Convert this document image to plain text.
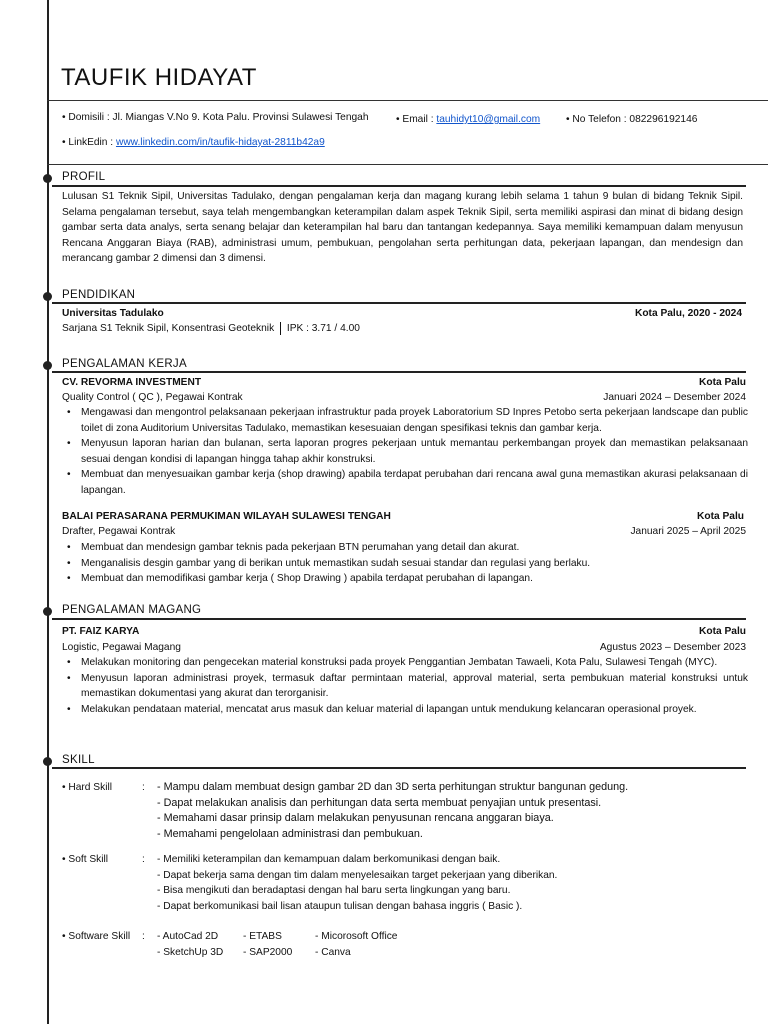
TAUFIK HIDAYAT
• Domisili : Jl. Miangas V.No 9. Kota Palu. Provinsi Sulawesi Tengah	• Email : tauhidyt10@gmail.com	• No Telefon : 082296192146
• LinkEdin : www.linkedin.com/in/taufik-hidayat-2811b42a9
PROFIL
Lulusan S1 Teknik Sipil, Universitas Tadulako, dengan pengalaman kerja dan magang kurang lebih selama 1 tahun 9 bulan di bidang Teknik Sipil. Selama pengalaman tersebut, saya telah mengembangkan keterampilan dalam aspek Teknik Sipil, serta memiliki aspirasi dan minat di bidang design gambar serta data analys, serta senang belajar dan keterampilan hal baru dan tantangan kedepannya. Saya memiliki kemampuan dalam menyusun Rencana Anggaran Biaya (RAB), administrasi umum, pembukuan, pengolahan serta perhitungan data, pekerjaan lapangan, dan mendesign dan merancang gambar 2 dimensi dan 3 dimensi.
PENDIDIKAN
Universitas Tadulako	Kota Palu, 2020 - 2024
Sarjana S1 Teknik Sipil, Konsentrasi Geoteknik IPK : 3.71 / 4.00
PENGALAMAN KERJA
CV. REVORMA INVESTMENT	Kota Palu
Quality Control ( QC ), Pegawai Kontrak	Januari 2024 – Desember 2024
• Mengawasi dan mengontrol pelaksanaan pekerjaan infrastruktur pada proyek Laboratorium SD Inpres Petobo serta pekerjaan landscape dan public toilet di zona Auditorium Universitas Tadulako, memastikan kesesuaian dengan spesifikasi teknis dan gambar kerja.
• Menyusun laporan harian dan bulanan, serta laporan progres pekerjaan untuk memantau perkembangan proyek dan memastikan pelaksanaan sesuai dengan kondisi di lapangan hingga tahap akhir konstruksi.
• Membuat dan menyesuaikan gambar kerja (shop drawing) apabila terdapat perubahan dari rencana awal guna memastikan akurasi pelaksanaan di lapangan.
BALAI PERASARANA PERMUKIMAN WILAYAH SULAWESI TENGAH	Kota Palu
Drafter, Pegawai Kontrak	Januari 2025 – April 2025
• Membuat dan mendesign gambar teknis pada pekerjaan BTN perumahan yang detail dan akurat.
• Menganalisis desgin gambar yang di berikan untuk memastikan sudah sesuai standar dan regulasi yang berlaku.
• Membuat dan memodifikasi gambar kerja ( Shop Drawing ) apabila terdapat perubahan di lapangan.
PENGALAMAN MAGANG
PT. FAIZ KARYA	Kota Palu
Logistic, Pegawai Magang	Agustus 2023 – Desember 2023
• Melakukan monitoring dan pengecekan material konstruksi pada proyek Penggantian Jembatan Tawaeli, Kota Palu, Sulawesi Tengah (MYC).
• Menyusun laporan administrasi proyek, termasuk daftar permintaan material, approval material, serta pembukuan material konstruksi untuk memastikan dokumentasi yang akurat dan terorganisir.
• Melakukan pendataan material, mencatat arus masuk dan keluar material di lapangan untuk mendukung kelancaran operasional proyek.
SKILL
• Hard Skill	: - Mampu dalam membuat design gambar 2D dan 3D serta perhitungan struktur bangunan gedung.
- Dapat melakukan analisis dan perhitungan data serta membuat penyajian untuk presentasi.
- Memahami dasar prinsip dalam melakukan penyusunan rencana anggaran biaya.
- Memahami pengelolaan administrasi dan pembukuan.
• Soft Skill	: - Memiliki keterampilan dan kemampuan dalam berkomunikasi dengan baik.
- Dapat bekerja sama dengan tim dalam menyelesaikan target pekerjaan yang diberikan.
- Bisa mengikuti dan beradaptasi dengan hal baru serta lingkungan yang baru.
- Dapat berkomunikasi bail lisan ataupun tulisan dengan bahasa inggris ( Basic ).
• Software Skill : - AutoCad 2D	- ETABS	- Micorosoft Office
- SketchUp 3D	- SAP2000	- Canva
